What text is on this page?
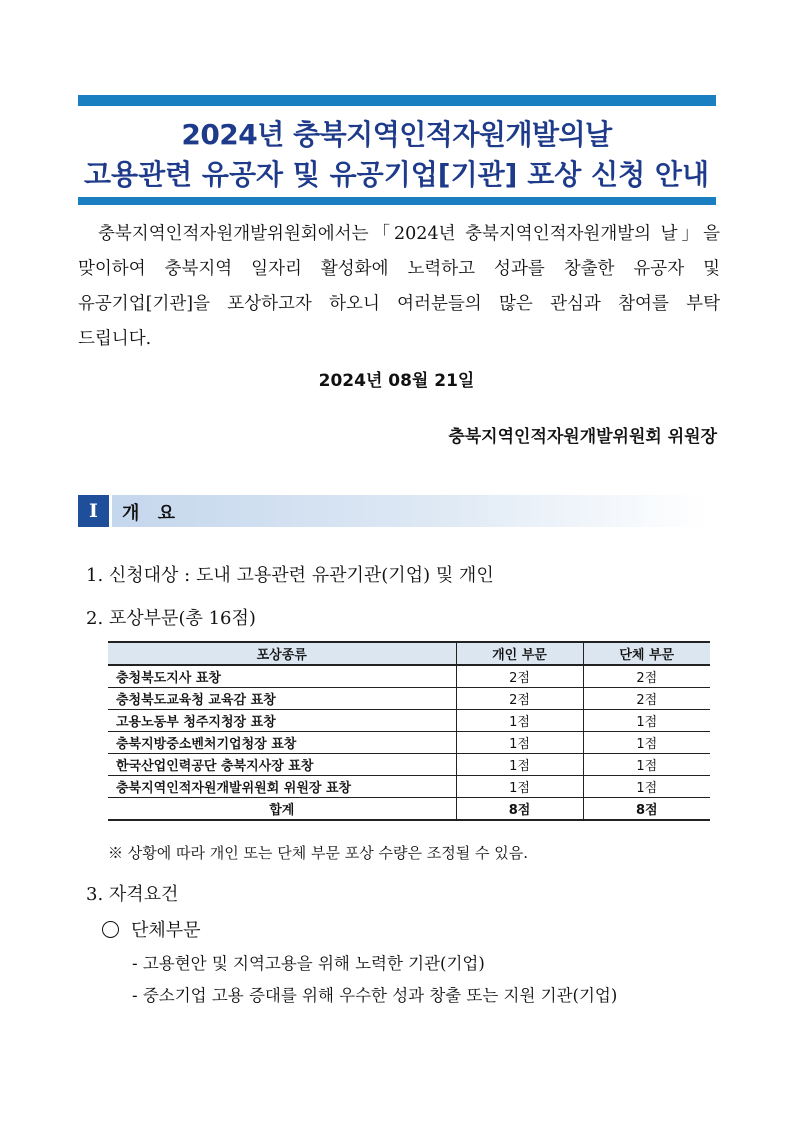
2024년 충북지역인적자원개발의날
고용관련 유공자 및 유공기업[기관] 포상 신청 안내
충북지역인적자원개발위원회에서는「2024년 충북지역인적자원개발의 날」을
맞이하여 충북지역 일자리 활성화에 노력하고 성과를 창출한 유공자 및
유공기업[기관]을 포상하고자 하오니 여러분들의 많은 관심과 참여를 부탁
드립니다.
2024년 08월 21일
충북지역인적자원개발위원회 위원장
Ⅰ	개 요
1. 신청대상 : 도내 고용관련 유관기관(기업) 및 개인
2. 포상부문(총 16점)
포상종류	개인 부문	단체 부문
충청북도지사 표창	2점	2점
충청북도교육청 교육감 표창	2점	2점
고용노동부 청주지청장 표창	1점	1점
충북지방중소벤처기업청장 표창	1점	1점
한국산업인력공단 충북지사장 표창	1점	1점
충북지역인적자원개발위원회 위원장 표창	1점	1점
합계	8점	8점
※ 상황에 따라 개인 또는 단체 부문 포상 수량은 조정될 수 있음.
3. 자격요건
단체부문
- 고용현안 및 지역고용을 위해 노력한 기관(기업)
- 중소기업 고용 증대를 위해 우수한 성과 창출 또는 지원 기관(기업)
